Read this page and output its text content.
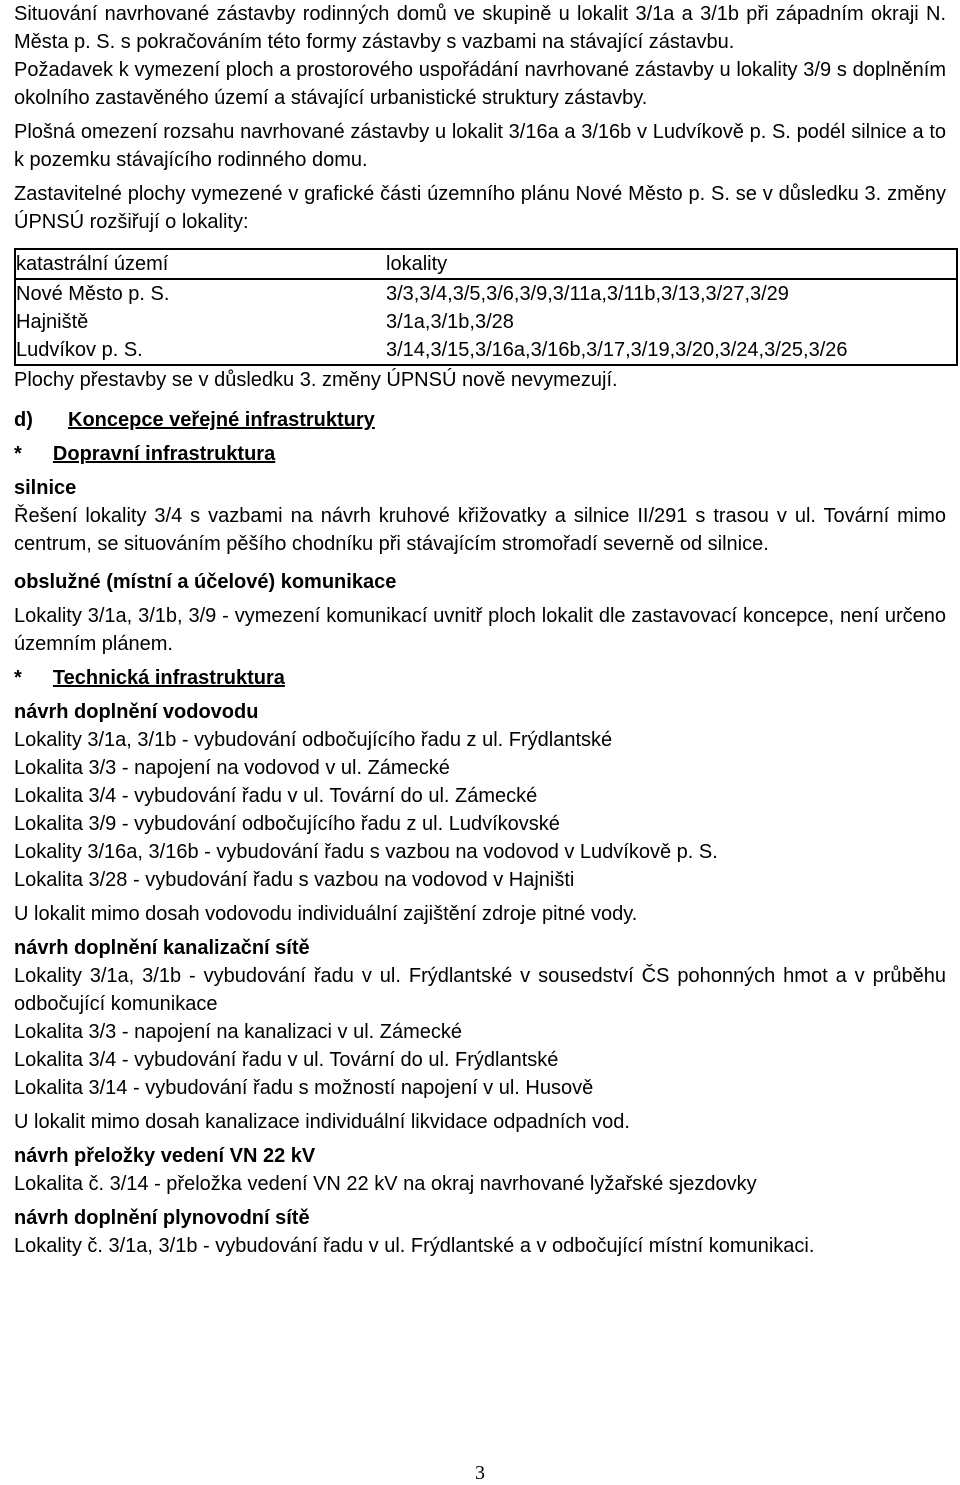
Situování navrhované zástavby rodinných domů ve skupině u lokalit 3/1a a 3/1b při západním okraji N. Města p. S. s pokračováním této formy zástavby s vazbami na stávající zástavbu.

Požadavek k vymezení ploch a prostorového uspořádání navrhované zástavby u lokality 3/9 s doplněním okolního zastavěného území a stávající urbanistické struktury zástavby.

Plošná omezení rozsahu navrhované zástavby u lokalit 3/16a a 3/16b v Ludvíkově p. S. podél silnice a to k pozemku stávajícího rodinného domu.

Zastavitelné plochy vymezené v grafické části územního plánu Nové Město p. S. se v důsledku 3. změny ÚPNSÚ rozšiřují o lokality:

katastrální území	lokality
Nové Město p. S.	3/3,3/4,3/5,3/6,3/9,3/11a,3/11b,3/13,3/27,3/29
Hajniště	3/1a,3/1b,3/28
Ludvíkov p. S.	3/14,3/15,3/16a,3/16b,3/17,3/19,3/20,3/24,3/25,3/26

Plochy přestavby se v důsledku 3. změny ÚPNSÚ nově nevymezují.

d) Koncepce veřejné infrastruktury

* Dopravní infrastruktura

silnice

Řešení lokality 3/4 s vazbami na návrh kruhové křižovatky a silnice II/291 s trasou v ul. Tovární mimo centrum, se situováním pěšího chodníku při stávajícím stromořadí severně od silnice.

obslužné (místní a účelové) komunikace

Lokality 3/1a, 3/1b, 3/9 - vymezení komunikací uvnitř ploch lokalit dle zastavovací koncepce, není určeno územním plánem.

* Technická infrastruktura

návrh doplnění vodovodu

Lokality 3/1a, 3/1b - vybudování odbočujícího řadu z ul. Frýdlantské

Lokalita 3/3 - napojení na vodovod v ul. Zámecké

Lokalita 3/4 - vybudování řadu v ul. Tovární do ul. Zámecké

Lokalita 3/9 - vybudování odbočujícího řadu z ul. Ludvíkovské

Lokality 3/16a, 3/16b - vybudování řadu s vazbou na vodovod v Ludvíkově p. S.

Lokalita 3/28 - vybudování řadu s vazbou na vodovod v Hajništi

U lokalit mimo dosah vodovodu individuální zajištění zdroje pitné vody.

návrh doplnění kanalizační sítě

Lokality 3/1a, 3/1b - vybudování řadu v ul. Frýdlantské v sousedství ČS pohonných hmot a v průběhu odbočující komunikace

Lokalita 3/3 - napojení na kanalizaci v ul. Zámecké

Lokalita 3/4 - vybudování řadu v ul. Tovární do ul. Frýdlantské

Lokalita 3/14 - vybudování řadu s možností napojení v ul. Husově

U lokalit mimo dosah kanalizace individuální likvidace odpadních vod.

návrh přeložky vedení VN 22 kV

Lokalita č. 3/14 - přeložka vedení VN 22 kV na okraj navrhované lyžařské sjezdovky

návrh doplnění plynovodní sítě

Lokality č. 3/1a, 3/1b - vybudování řadu v ul. Frýdlantské a v odbočující místní komunikaci.

3
